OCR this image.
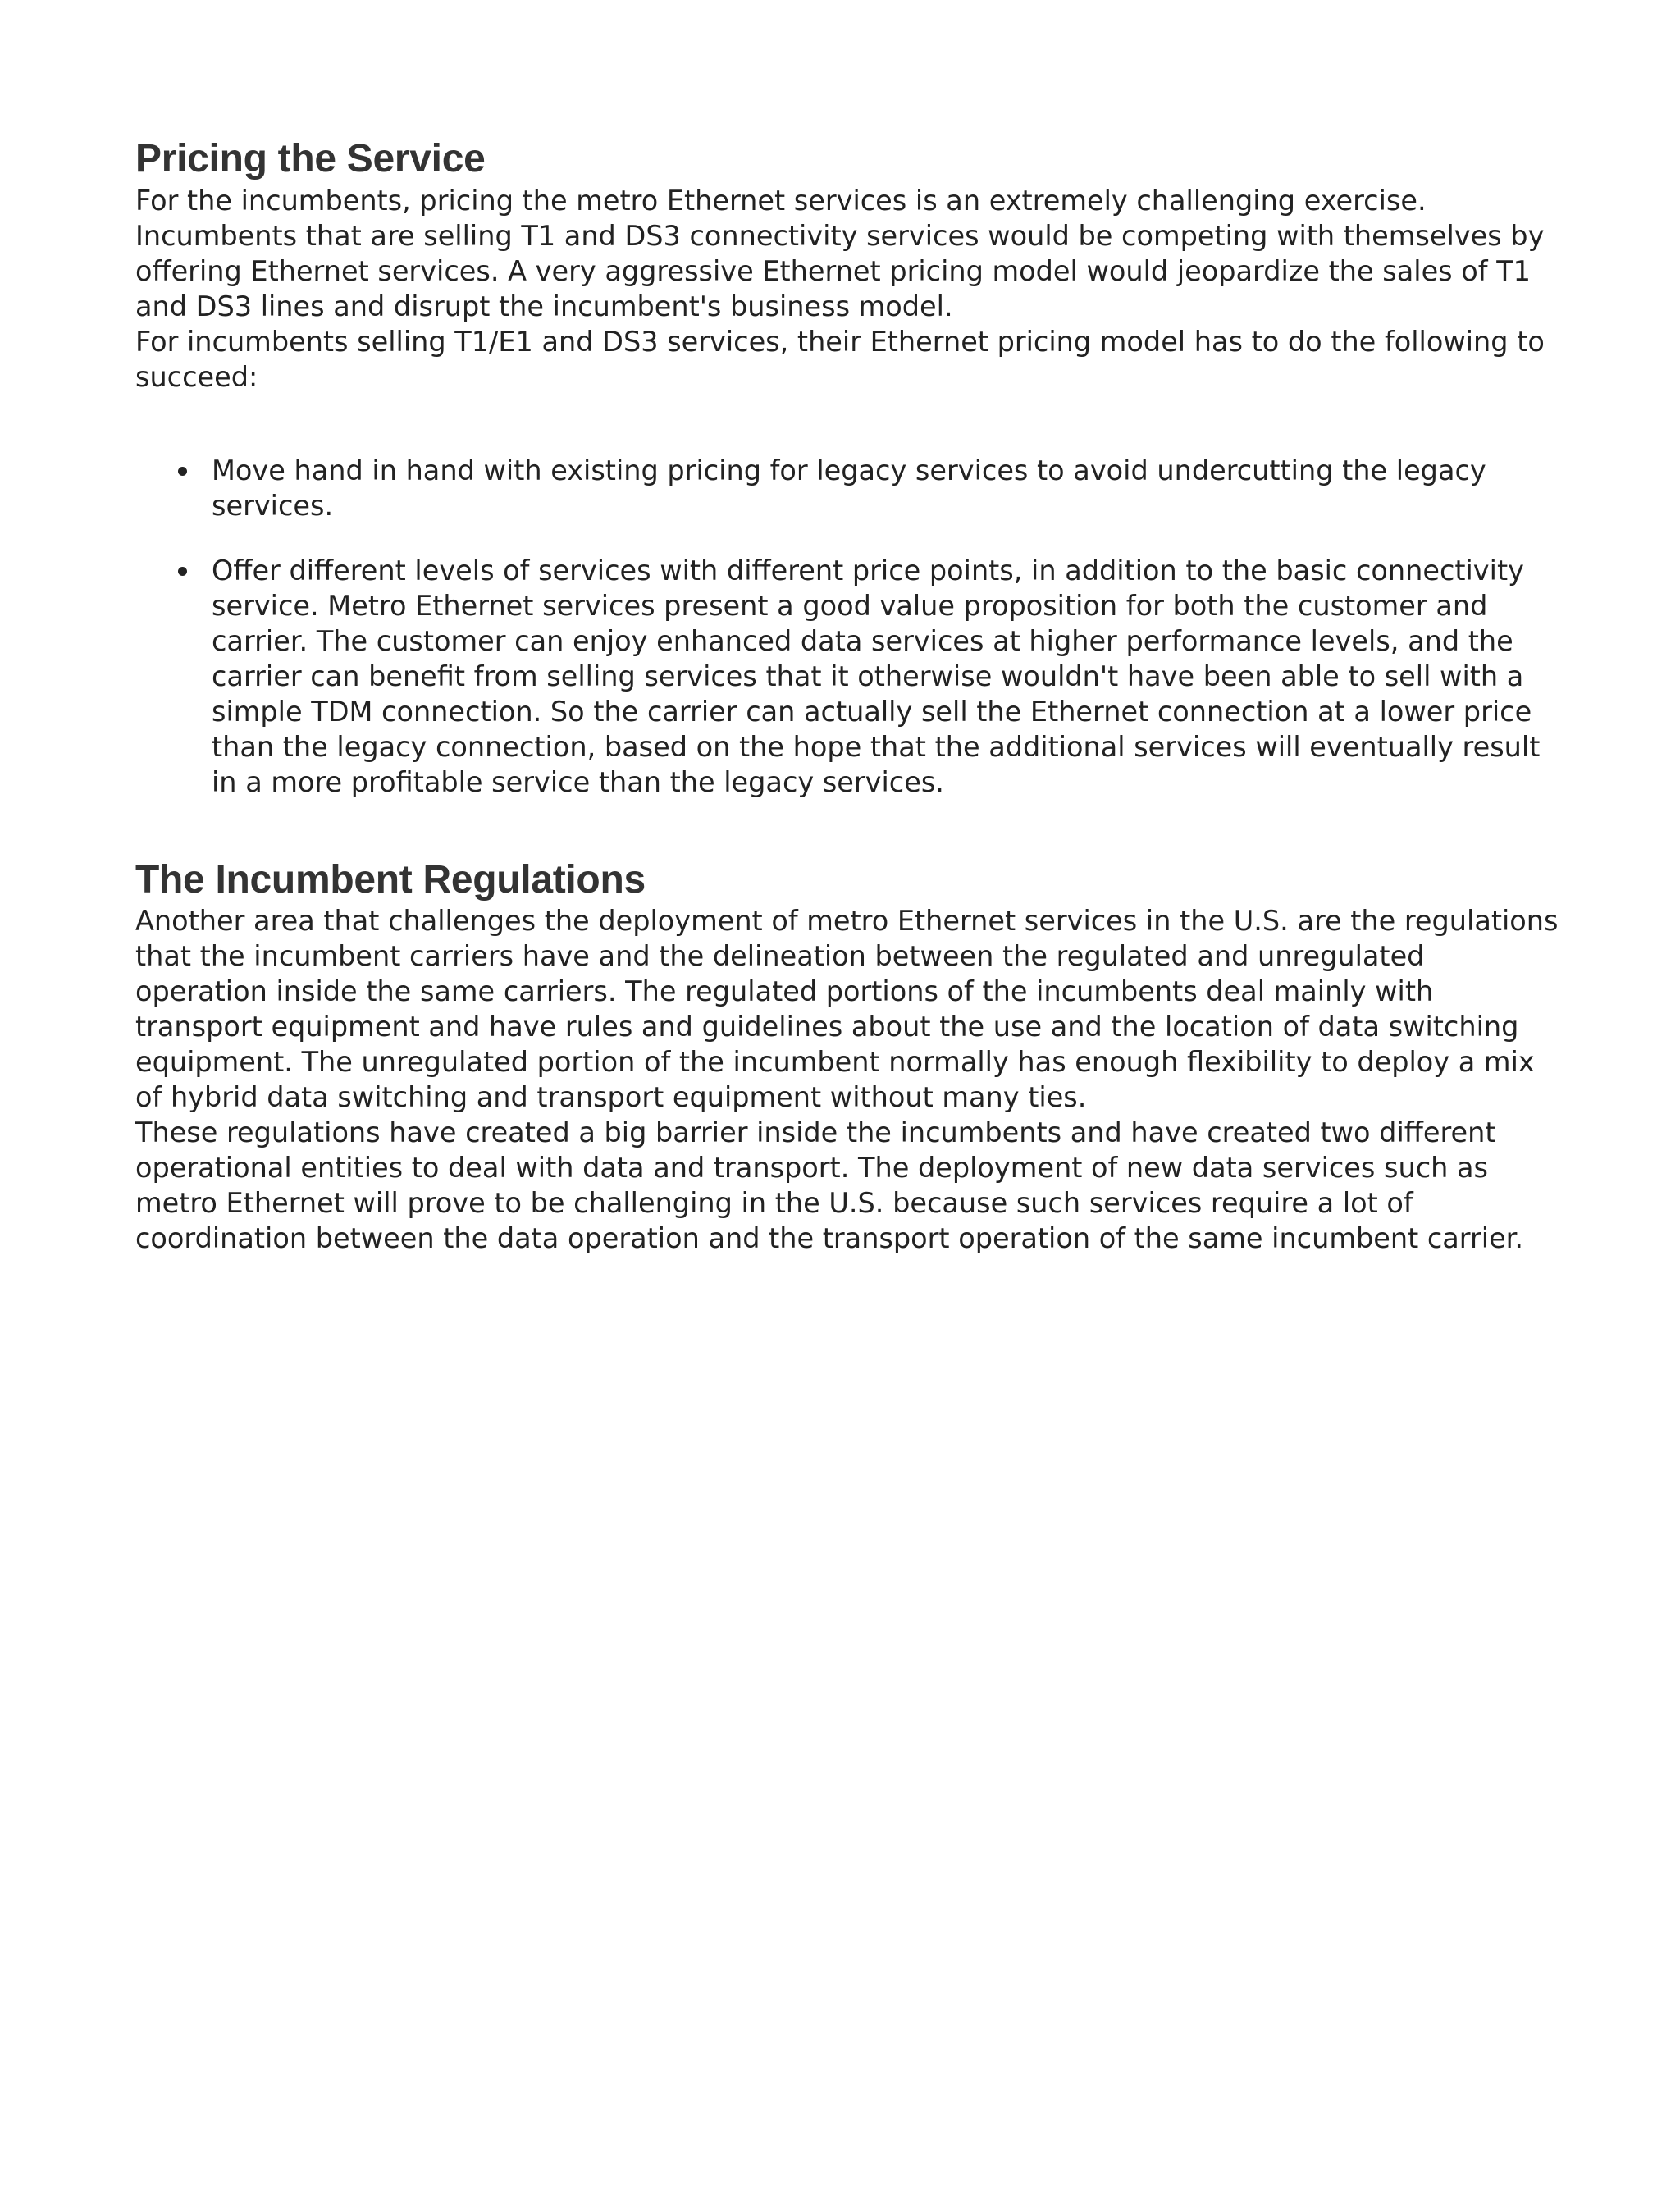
Pricing the Service

For the incumbents, pricing the metro Ethernet services is an extremely challenging exercise. Incumbents that are selling T1 and DS3 connectivity services would be competing with themselves by offering Ethernet services. A very aggressive Ethernet pricing model would jeopardize the sales of T1 and DS3 lines and disrupt the incumbent's business model.

For incumbents selling T1/E1 and DS3 services, their Ethernet pricing model has to do the following to succeed:

Move hand in hand with existing pricing for legacy services to avoid undercutting the legacy services.
Offer different levels of services with different price points, in addition to the basic connectivity service. Metro Ethernet services present a good value proposition for both the customer and carrier. The customer can enjoy enhanced data services at higher performance levels, and the carrier can benefit from selling services that it otherwise wouldn't have been able to sell with a simple TDM connection. So the carrier can actually sell the Ethernet connection at a lower price than the legacy connection, based on the hope that the additional services will eventually result in a more profitable service than the legacy services.
The Incumbent Regulations

Another area that challenges the deployment of metro Ethernet services in the U.S. are the regulations that the incumbent carriers have and the delineation between the regulated and unregulated operation inside the same carriers. The regulated portions of the incumbents deal mainly with transport equipment and have rules and guidelines about the use and the location of data switching equipment. The unregulated portion of the incumbent normally has enough flexibility to deploy a mix of hybrid data switching and transport equipment without many ties.

These regulations have created a big barrier inside the incumbents and have created two different operational entities to deal with data and transport. The deployment of new data services such as metro Ethernet will prove to be challenging in the U.S. because such services require a lot of coordination between the data operation and the transport operation of the same incumbent carrier.
